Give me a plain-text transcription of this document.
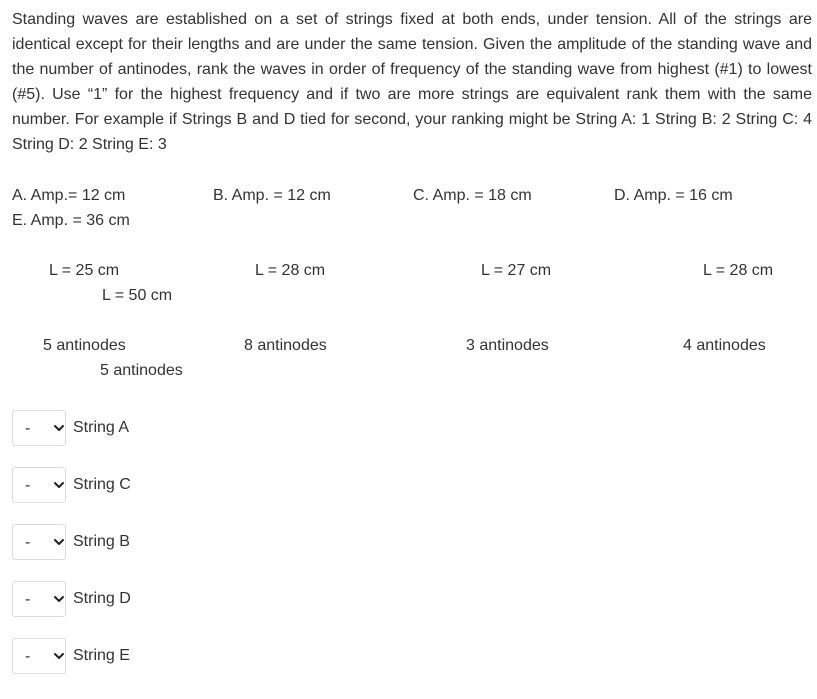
Standing waves are established on a set of strings fixed at both ends, under tension. All of the strings are identical except for their lengths and are under the same tension. Given the amplitude of the standing wave and the number of antinodes, rank the waves in order of frequency of the standing wave from highest (#1) to lowest (#5). Use “1” for the highest frequency and if two are more strings are equivalent rank them with the same number. For example if Strings B and D tied for second, your ranking might be String A: 1 String B: 2 String C: 4 String D: 2 String E: 3

A. Amp.= 12 cm	B. Amp. = 12 cm	C. Amp. = 18 cm	D. Amp. = 16 cm
E. Amp. = 36 cm
L = 25 cm	L = 28 cm	L = 27 cm	L = 28 cm
L = 50 cm
5 antinodes	8 antinodes	3 antinodes	4 antinodes
5 antinodes
-	String A
-	String C
-	String B
-	String D
-	String E
